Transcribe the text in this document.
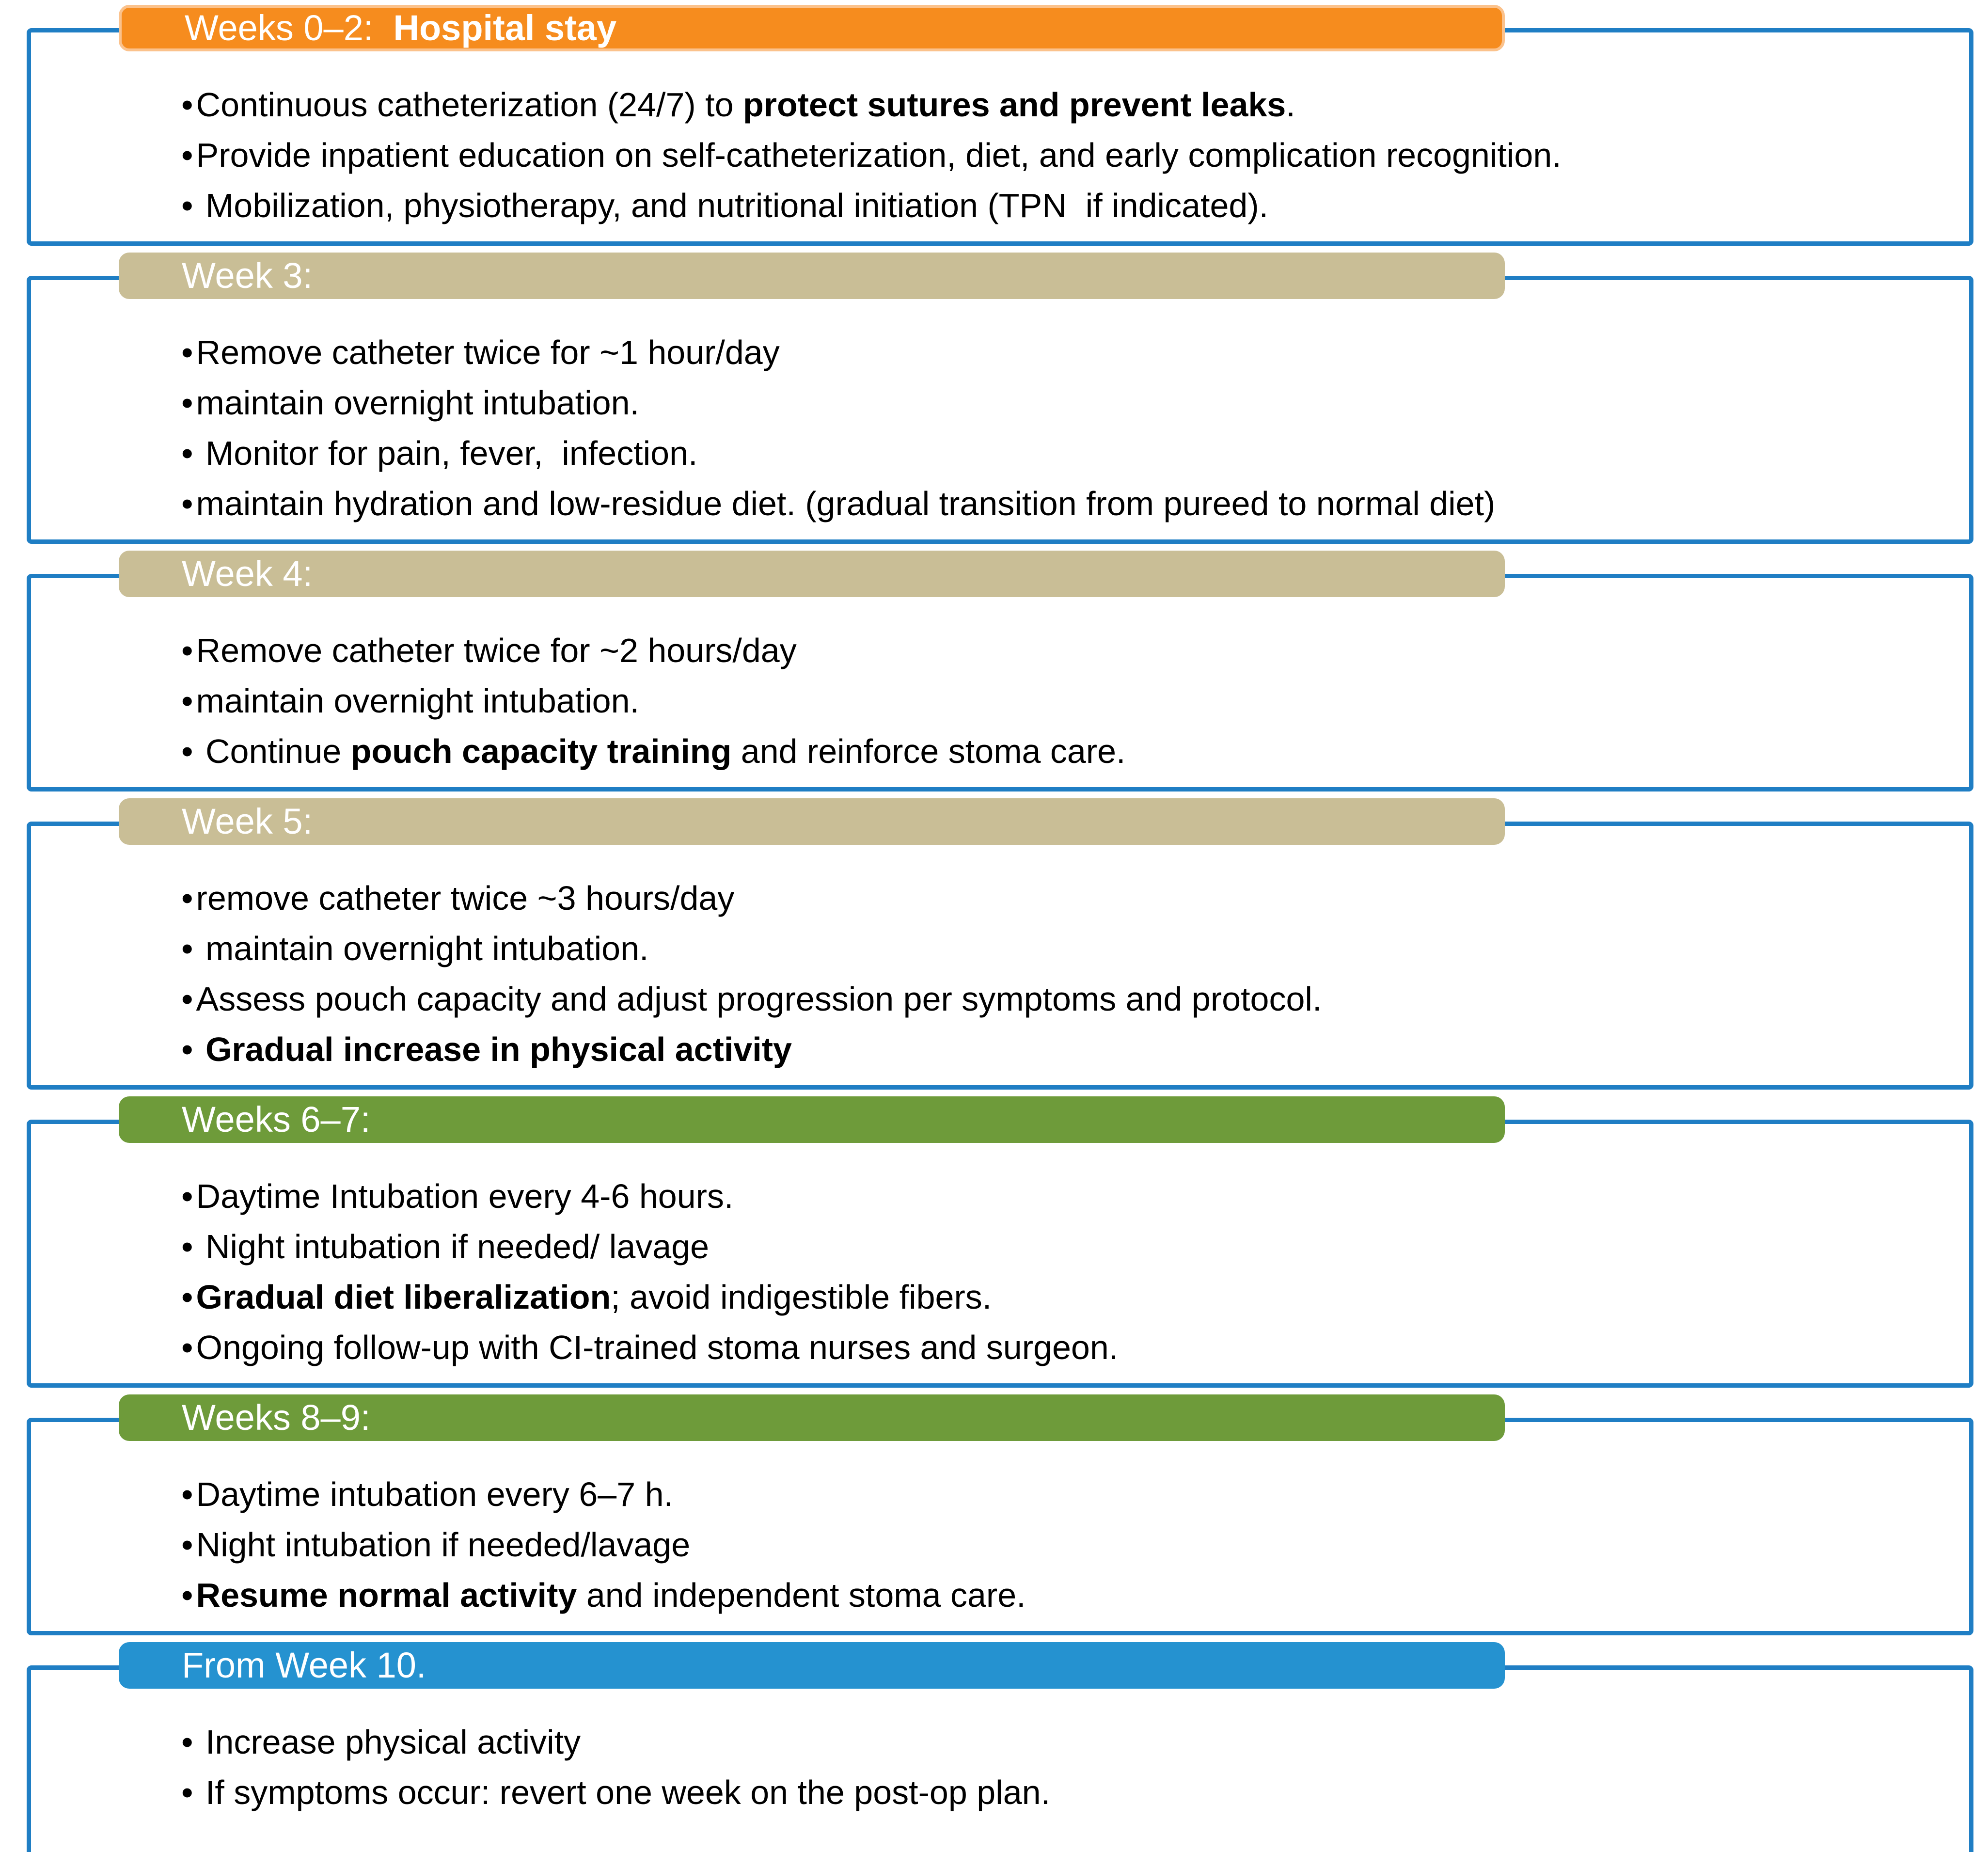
Weeks 0–2:  Hospital stay
• Continuous catheterization (24/7) to protect sutures and prevent leaks.
• Provide inpatient education on self-catheterization, diet, and early complication recognition.
•  Mobilization, physiotherapy, and nutritional initiation (TPN  if indicated).
Week 3:
• Remove catheter twice for ~1 hour/day
• maintain overnight intubation.
•  Monitor for pain, fever,  infection.
• maintain hydration and low-residue diet. (gradual transition from pureed to normal diet)
Week 4:
• Remove catheter twice for ~2 hours/day
• maintain overnight intubation.
•  Continue pouch capacity training and reinforce stoma care.
Week 5:
• remove catheter twice ~3 hours/day
•  maintain overnight intubation.
• Assess pouch capacity and adjust progression per symptoms and protocol.
• Gradual increase in physical activity
Weeks 6–7:
• Daytime Intubation every 4-6 hours.
•  Night intubation if needed/ lavage
• Gradual diet liberalization; avoid indigestible fibers.
• Ongoing follow-up with CI-trained stoma nurses and surgeon.
Weeks 8–9:
• Daytime intubation every 6–7 h.
• Night intubation if needed/lavage
• Resume normal activity and independent stoma care.
From Week 10.
•  Increase physical activity
•  If symptoms occur: revert one week on the post-op plan.
